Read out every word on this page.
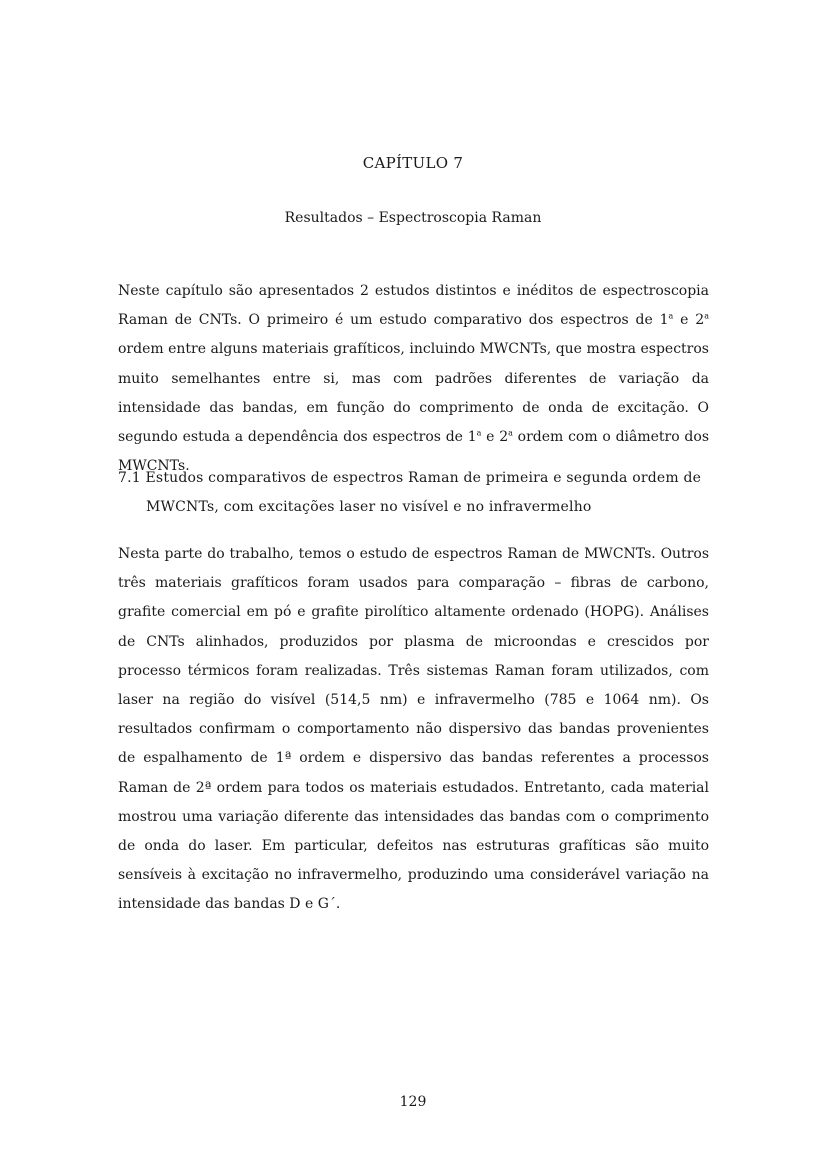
CAPÍTULO 7
Resultados – Espectroscopia Raman

Neste capítulo são apresentados 2 estudos distintos e inéditos de espectroscopia Raman de CNTs. O primeiro é um estudo comparativo dos espectros de 1$^a$ e 2$^a$ ordem entre alguns materiais grafíticos, incluindo MWCNTs, que mostra espectros muito semelhantes entre si, mas com padrões diferentes de variação da intensidade das bandas, em função do comprimento de onda de excitação. O segundo estuda a dependência dos espectros de 1$^a$ e 2$^a$ ordem com o diâmetro dos MWCNTs.

7.1 Estudos comparativos de espectros Raman de primeira e segunda ordem de
MWCNTs, com excitações laser no visível e no infravermelho

Nesta parte do trabalho, temos o estudo de espectros Raman de MWCNTs. Outros três materiais grafíticos foram usados para comparação – fibras de carbono, grafite comercial em pó e grafite pirolítico altamente ordenado (HOPG). Análises de CNTs alinhados, produzidos por plasma de microondas e crescidos por processo térmicos foram realizadas. Três sistemas Raman foram utilizados, com laser na região do visível (514,5 nm) e infravermelho (785 e 1064 nm). Os resultados confirmam o comportamento não dispersivo das bandas provenientes de espalhamento de 1ª ordem e dispersivo das bandas referentes a processos Raman de 2ª ordem para todos os materiais estudados. Entretanto, cada material mostrou uma variação diferente das intensidades das bandas com o comprimento de onda do laser. Em particular, defeitos nas estruturas grafíticas são muito sensíveis à excitação no infravermelho, produzindo uma considerável variação na intensidade das bandas D e G´.

129
